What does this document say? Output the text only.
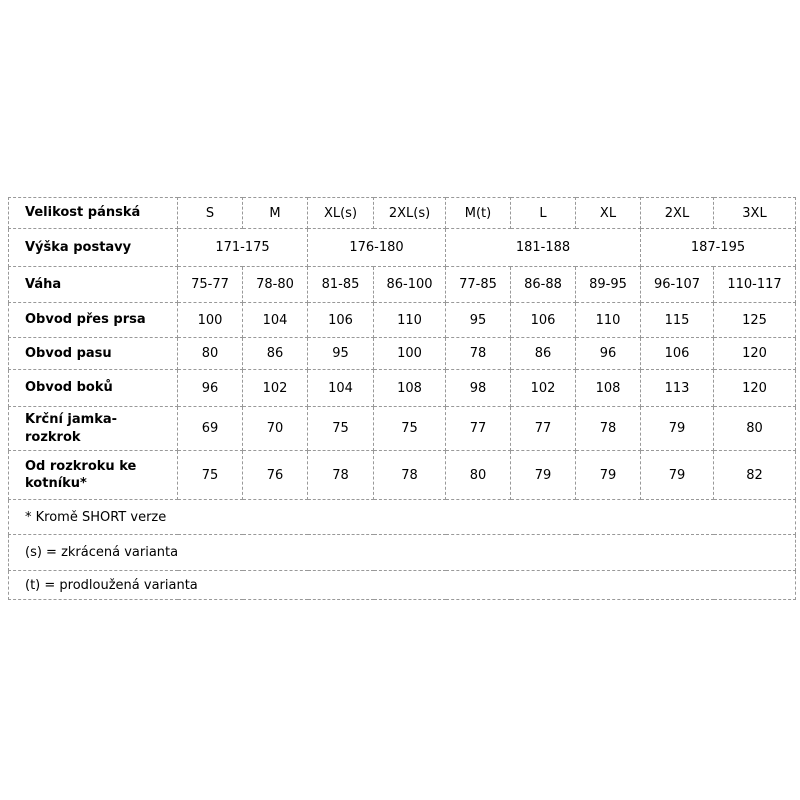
Velikost pánská	S	M	XL(s)	2XL(s)	M(t)	L	XL	2XL	3XL
Výška postavy	171-175		176-180		181-188			187-195	
Váha	75-77	78-80	81-85	86-100	77-85	86-88	89-95	96-107	110-117
Obvod přes prsa	100	104	106	110	95	106	110	115	125
Obvod pasu	80	86	95	100	78	86	96	106	120
Obvod boků	96	102	104	108	98	102	108	113	120
Krční jamka-rozkrok	69	70	75	75	77	77	78	79	80
Od rozkroku ke kotníku*	75	76	78	78	80	79	79	79	82
* Kromě SHORT verze									
(s) = zkrácená varianta									
(t) = prodloužená varianta									
